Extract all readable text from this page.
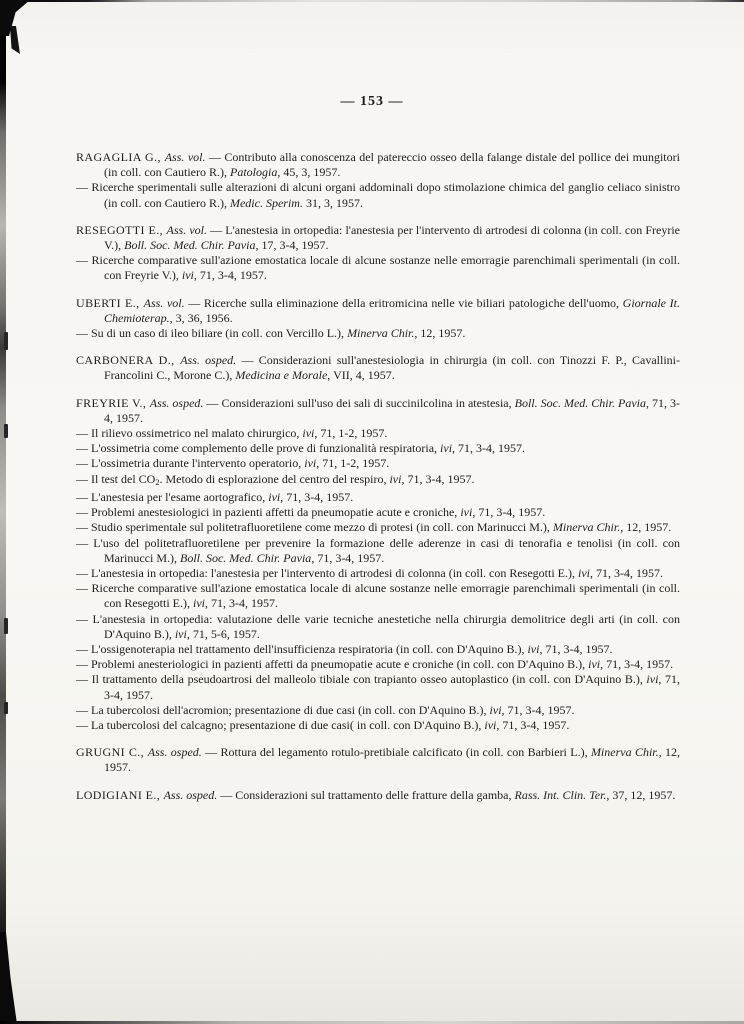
— 153 —

RAGAGLIA G., Ass. vol. — Contributo alla conoscenza del patereccio osseo della falange distale del pollice dei mungitori (in coll. con Cautiero R.), Patologia, 45, 3, 1957.

— Ricerche sperimentali sulle alterazioni di alcuni organi addominali dopo stimolazione chimica del ganglio celiaco sinistro (in coll. con Cautiero R.), Medic. Sperim. 31, 3, 1957.

RESEGOTTI E., Ass. vol. — L'anestesia in ortopedia: l'anestesia per l'intervento di artrodesi di colonna (in coll. con Freyrie V.), Boll. Soc. Med. Chir. Pavia, 17, 3-4, 1957.

— Ricerche comparative sull'azione emostatica locale di alcune sostanze nelle emorragie parenchimali sperimentali (in coll. con Freyrie V.), ivi, 71, 3-4, 1957.

UBERTI E., Ass. vol. — Ricerche sulla eliminazione della eritromicina nelle vie biliari patologiche dell'uomo, Giornale It. Chemioterap., 3, 36, 1956.

— Su di un caso di ileo biliare (in coll. con Vercillo L.), Minerva Chir., 12, 1957.

CARBONERA D., Ass. osped. — Considerazioni sull'anestesiologia in chirurgia (in coll. con Tinozzi F. P., Cavallini-Francolini C., Morone C.), Medicina e Morale, VII, 4, 1957.

FREYRIE V., Ass. osped. — Considerazioni sull'uso dei sali di succinilcolina in atestesia, Boll. Soc. Med. Chir. Pavia, 71, 3-4, 1957.

— Il rilievo ossimetrico nel malato chirurgico, ivi, 71, 1-2, 1957.

— L'ossimetria come complemento delle prove di funzionalità respiratoria, ivi, 71, 3-4, 1957.

— L'ossimetria durante l'intervento operatorio, ivi, 71, 1-2, 1957.

— Il test del $CO_2$. Metodo di esplorazione del centro del respiro, ivi, 71, 3-4, 1957.

— L'anestesia per l'esame aortografico, ivi, 71, 3-4, 1957.

— Problemi anestesiologici in pazienti affetti da pneumopatie acute e croniche, ivi, 71, 3-4, 1957.

— Studio sperimentale sul politetrafluoretilene come mezzo di protesi (in coll. con Marinucci M.), Minerva Chir., 12, 1957.

— L'uso del politetrafluoretilene per prevenire la formazione delle aderenze in casi di tenorafia e tenolisi (in coll. con Marinucci M.), Boll. Soc. Med. Chir. Pavia, 71, 3-4, 1957.

— L'anestesia in ortopedia: l'anestesia per l'intervento di artrodesi di colonna (in coll. con Resegotti E.), ivi, 71, 3-4, 1957.

— Ricerche comparative sull'azione emostatica locale di alcune sostanze nelle emorragie parenchimali sperimentali (in coll. con Resegotti E.), ivi, 71, 3-4, 1957.

— L'anestesia in ortopedia: valutazione delle varie tecniche anestetiche nella chirurgia demolitrice degli arti (in coll. con D'Aquino B.), ivi, 71, 5-6, 1957.

— L'ossigenoterapia nel trattamento dell'insufficienza respiratoria (in coll. con D'Aquino B.), ivi, 71, 3-4, 1957.

— Problemi anesteriologici in pazienti affetti da pneumopatie acute e croniche (in coll. con D'Aquino B.), ivi, 71, 3-4, 1957.

— Il trattamento della pseudoartrosi del malleolo tibiale con trapianto osseo autoplastico (in coll. con D'Aquino B.), ivi, 71, 3-4, 1957.

— La tubercolosi dell'acromion; presentazione di due casi (in coll. con D'Aquino B.), ivi, 71, 3-4, 1957.

— La tubercolosi del calcagno; presentazione di due casi( in coll. con D'Aquino B.), ivi, 71, 3-4, 1957.

GRUGNI C., Ass. osped. — Rottura del legamento rotulo-pretibiale calcificato (in coll. con Barbieri L.), Minerva Chir., 12, 1957.

LODIGIANI E., Ass. osped. — Considerazioni sul trattamento delle fratture della gamba, Rass. Int. Clin. Ter., 37, 12, 1957.
